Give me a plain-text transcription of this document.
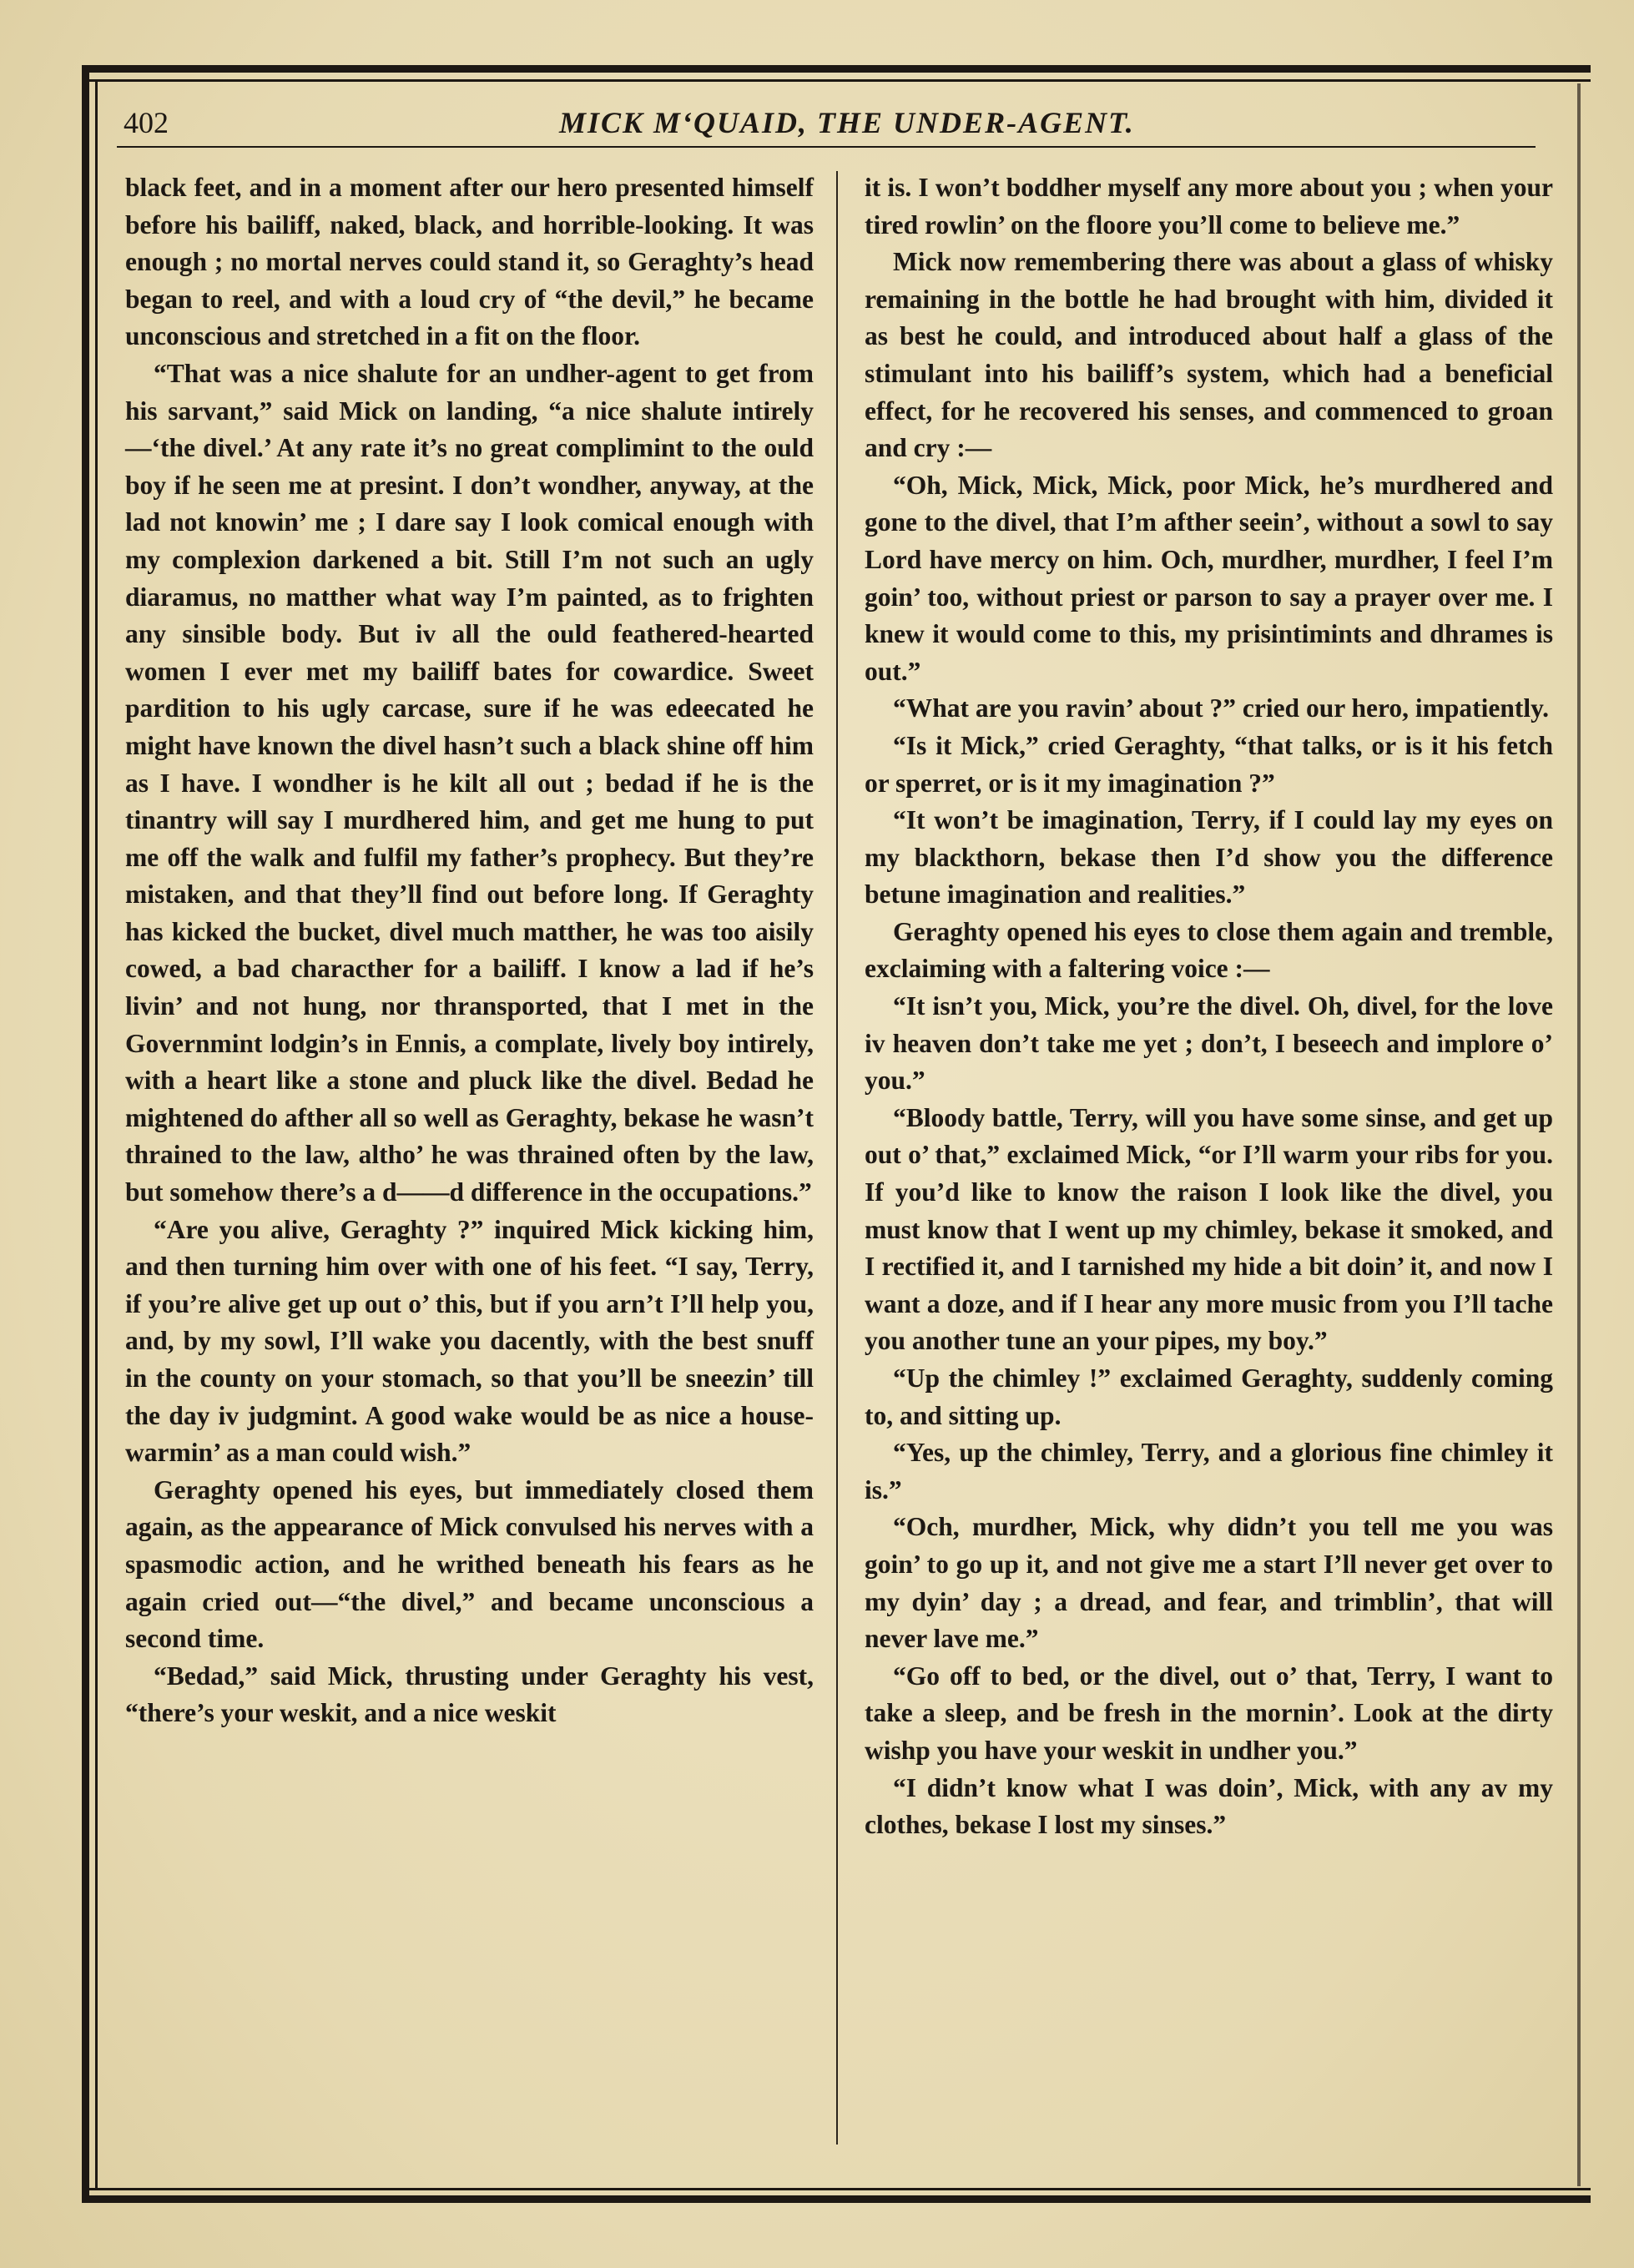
402	MICK M‘QUAID, THE UNDER-AGENT.

black feet, and in a moment after our hero presented himself before his bailiff, naked, black, and horrible-looking. It was enough ; no mortal nerves could stand it, so Geraghty’s head began to reel, and with a loud cry of “the devil,” he became unconscious and stretched in a fit on the floor.

“That was a nice shalute for an undher-agent to get from his sarvant,” said Mick on landing, “a nice shalute intirely—‘the divel.’ At any rate it’s no great complimint to the ould boy if he seen me at presint. I don’t wondher, anyway, at the lad not knowin’ me ; I dare say I look comical enough with my complexion darkened a bit. Still I’m not such an ugly diaramus, no matther what way I’m painted, as to frighten any sinsible body. But iv all the ould feathered-hearted women I ever met my bailiff bates for cowardice. Sweet pardition to his ugly carcase, sure if he was edeecated he might have known the divel hasn’t such a black shine off him as I have. I wondher is he kilt all out ; bedad if he is the tinantry will say I murdhered him, and get me hung to put me off the walk and fulfil my father’s prophecy. But they’re mistaken, and that they’ll find out before long. If Geraghty has kicked the bucket, divel much matther, he was too aisily cowed, a bad characther for a bailiff. I know a lad if he’s livin’ and not hung, nor thransported, that I met in the Governmint lodgin’s in Ennis, a complate, lively boy intirely, with a heart like a stone and pluck like the divel. Bedad he mightened do afther all so well as Geraghty, bekase he wasn’t thrained to the law, altho’ he was thrained often by the law, but somehow there’s a d——d difference in the occupations.”

“Are you alive, Geraghty ?” inquired Mick kicking him, and then turning him over with one of his feet. “I say, Terry, if you’re alive get up out o’ this, but if you arn’t I’ll help you, and, by my sowl, I’ll wake you dacently, with the best snuff in the county on your stomach, so that you’ll be sneezin’ till the day iv judgmint. A good wake would be as nice a house-warmin’ as a man could wish.”

Geraghty opened his eyes, but immediately closed them again, as the appearance of Mick convulsed his nerves with a spasmodic action, and he writhed beneath his fears as he again cried out—“the divel,” and became unconscious a second time.

“Bedad,” said Mick, thrusting under Geraghty his vest, “there’s your weskit, and a nice weskit

it is. I won’t boddher myself any more about you ; when your tired rowlin’ on the floore you’ll come to believe me.”

Mick now remembering there was about a glass of whisky remaining in the bottle he had brought with him, divided it as best he could, and introduced about half a glass of the stimulant into his bailiff’s system, which had a beneficial effect, for he recovered his senses, and commenced to groan and cry :—

“Oh, Mick, Mick, Mick, poor Mick, he’s murdhered and gone to the divel, that I’m afther seein’, without a sowl to say Lord have mercy on him. Och, murdher, murdher, I feel I’m goin’ too, without priest or parson to say a prayer over me. I knew it would come to this, my prisintimints and dhrames is out.”

“What are you ravin’ about ?” cried our hero, impatiently.

“Is it Mick,” cried Geraghty, “that talks, or is it his fetch or sperret, or is it my imagination ?”

“It won’t be imagination, Terry, if I could lay my eyes on my blackthorn, bekase then I’d show you the difference betune imagination and realities.”

Geraghty opened his eyes to close them again and tremble, exclaiming with a faltering voice :—

“It isn’t you, Mick, you’re the divel. Oh, divel, for the love iv heaven don’t take me yet ; don’t, I beseech and implore o’ you.”

“Bloody battle, Terry, will you have some sinse, and get up out o’ that,” exclaimed Mick, “or I’ll warm your ribs for you. If you’d like to know the raison I look like the divel, you must know that I went up my chimley, bekase it smoked, and I rectified it, and I tarnished my hide a bit doin’ it, and now I want a doze, and if I hear any more music from you I’ll tache you another tune an your pipes, my boy.”

“Up the chimley !” exclaimed Geraghty, suddenly coming to, and sitting up.

“Yes, up the chimley, Terry, and a glorious fine chimley it is.”

“Och, murdher, Mick, why didn’t you tell me you was goin’ to go up it, and not give me a start I’ll never get over to my dyin’ day ; a dread, and fear, and trimblin’, that will never lave me.”

“Go off to bed, or the divel, out o’ that, Terry, I want to take a sleep, and be fresh in the mornin’. Look at the dirty wishp you have your weskit in undher you.”

“I didn’t know what I was doin’, Mick, with any av my clothes, bekase I lost my sinses.”
